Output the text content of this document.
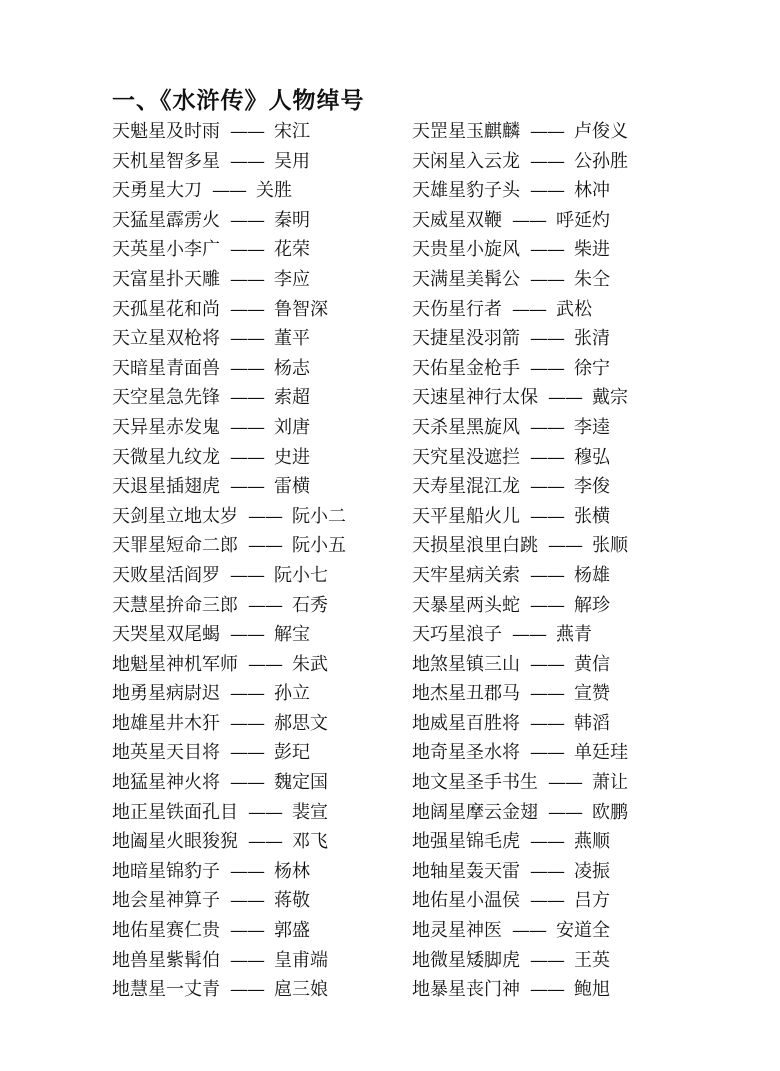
一、《水浒传》人物绰号
天魁星及时雨 —— 宋江
天机星智多星 —— 吴用
天勇星大刀 —— 关胜
天猛星霹雳火 —— 秦明
天英星小李广 —— 花荣
天富星扑天雕 —— 李应
天孤星花和尚 —— 鲁智深
天立星双枪将 —— 董平
天暗星青面兽 —— 杨志
天空星急先锋 —— 索超
天异星赤发鬼 —— 刘唐
天微星九纹龙 —— 史进
天退星插翅虎 —— 雷横
天剑星立地太岁 —— 阮小二
天罪星短命二郎 —— 阮小五
天败星活阎罗 —— 阮小七
天慧星拚命三郎 —— 石秀
天哭星双尾蝎 —— 解宝
地魁星神机军师 —— 朱武
地勇星病尉迟 —— 孙立
地雄星井木犴 —— 郝思文
地英星天目将 —— 彭玘
地猛星神火将 —— 魏定国
地正星铁面孔目 —— 裴宣
地阖星火眼狻猊 —— 邓飞
地暗星锦豹子 —— 杨林
地会星神算子 —— 蒋敬
地佑星赛仁贵 —— 郭盛
地兽星紫髯伯 —— 皇甫端
地慧星一丈青 —— 扈三娘
天罡星玉麒麟 —— 卢俊义
天闲星入云龙 —— 公孙胜
天雄星豹子头 —— 林冲
天威星双鞭 —— 呼延灼
天贵星小旋风 —— 柴进
天满星美髯公 —— 朱仝
天伤星行者 —— 武松
天捷星没羽箭 —— 张清
天佑星金枪手 —— 徐宁
天速星神行太保 —— 戴宗
天杀星黑旋风 —— 李逵
天究星没遮拦 —— 穆弘
天寿星混江龙 —— 李俊
天平星船火儿 —— 张横
天损星浪里白跳 —— 张顺
天牢星病关索 —— 杨雄
天暴星两头蛇 —— 解珍
天巧星浪子 —— 燕青
地煞星镇三山 —— 黄信
地杰星丑郡马 —— 宣赞
地威星百胜将 —— 韩滔
地奇星圣水将 —— 单廷珪
地文星圣手书生 —— 萧让
地阔星摩云金翅 —— 欧鹏
地强星锦毛虎 —— 燕顺
地轴星轰天雷 —— 凌振
地佑星小温侯 —— 吕方
地灵星神医 —— 安道全
地微星矮脚虎 —— 王英
地暴星丧门神 —— 鲍旭
